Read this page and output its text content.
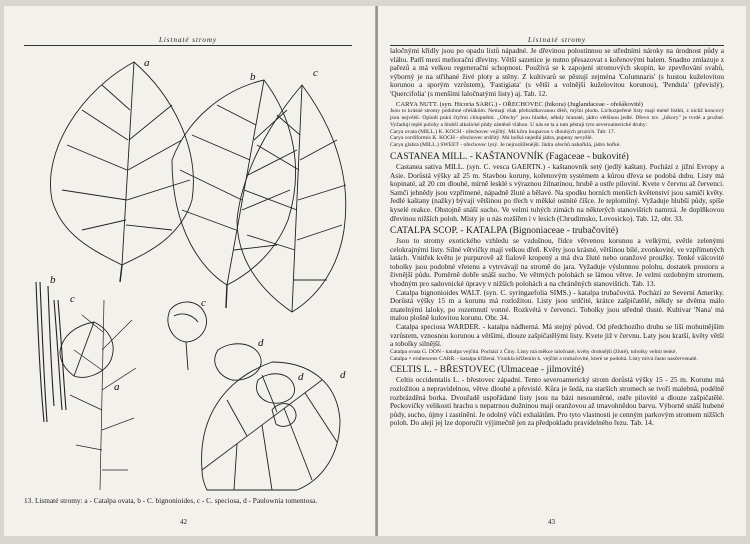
Listnaté stromy
a
b	c
b
c	c
d
d	d
a
13. Listnaté stromy: a - Catalpa ovata, b - C. bignonioides, c - C. speciosa, d - Paulownia tomentosa.
42
Listnaté stromy

laločnými křídly jsou po opadu listů nápadné. Je dřevinou polostinnou se středními nároky na úrodnost půdy a vláhu. Patří mezi meliorační dřeviny. Větší sazenice je nutno přesazovat s kořenovými balem. Snadno zmlazuje z pařezů a má velkou regenerační schopnost. Používá se k zapojení stromových skupin, ke zpevňování svahů, výborný je na stříhané živé ploty a stěny. Z kultivarů se pěstují zejména 'Columnaris' (s hustou kuželovitou korunou a sporým vzrůstem), 'Fastigiata' (s větší a volnější kuželovitou korunou), 'Pendula' (převislý), 'Quercifolia' (s menšími laločnatými listy) aj. Tab. 12.

CARYA NUTT. (syn. Hicoria SARG.) - OŘECHOVEC (hikora) (Juglandaceae - ořešákovité)

Jsou to krásné stromy podobné ořešákům. Nemají však přehrádkovanou dřeň, mýtní plodu. Lichozpeřené listy mají méně lístků, z nichž koncový jsou největší. Oplodí pukú čtyřmi chlopněmi. „Ořechy" jsou hladké, někdy hranaté, jádro většinou jedlé. Dřevo tzv. „hikory" je tvrdé a pružné. Vyžadují teplé polohy a hlubší alkalické půdy záměně vláhou. U nás se ta a tam pěstují tyto severoamerické druhy:

Carya ovata (MILL.) K. KOCH - ořechovec vejčitý. Má kůru loupavou v dlouhých pruzích. Tab: 17.

Carya cordiformis K. KOCH - ořechovec srdčitý. Má hořká nejedlá jádra, pupeny nevyšlé.

Carya glabra (MILL.) SWEET - ořechovec lysý. Je nejrozšířenější. Jádra ořechů nahořklá, jádro hořké.

CASTANEA MILL. - KAŠTANOVNÍK (Fagaceae - bukovité)

Castanea sativa MILL. (syn. C. vesca GAERTN.) - kaštanovník setý (jedlý kaštan). Pochází z jižní Evropy a Asie. Dorůstá výšky až 25 m. Stavbou koruny, kořenovým systémem a kůrou dřeva se podobá dubu. Listy má kopinaté, až 20 cm dlouhé, mírně lesklé s výraznou žilnatinou, hrubě a ostře pilovité. Kvete v červnu až červenci. Samčí jehnědy jsou vzpřímené, nápadně žluté a bělavé. Na spodku horních menších květenství jsou samičí květy. Jedlé kaštany (nažky) bývají většinou po třech v měkké ostnité číšce. Je teplomilný. Vyžaduje hlubší půdy, spíše kyselé reakce. Obstojně snáší sucho. Ve velmi tuhých zimách na některých stanovištích namrzá. Je doplňkovou dřevinou nižších poloh. Místy je u nás rozšířen i v lesích (Chrudimsko, Lovosicko). Tab. 12, obr. 33.

CATALPA SCOP. - KATALPA (Bignoniaceae - trubačovité)

Jsou to stromy exotického vzhledu se vzdušnou, řídce větvenou korunou a velkými, světle zelenými celokrajnými listy. Silné větvičky mají velkou dřeň. Květy jsou krásné, většinou bílé, zvonkovité, ve vzpřímených latách. Vnitřek květu je purpurově až fialově kropený a má dva žluté nebo oranžové proužky. Tenké válcovité tobolky jsou podobné vřetenu a vytrvávají na stromě do jara. Vyžaduje výslunnou polohu, dostatek prostoru a živnější půdu. Poměrně dobře snáší sucho. Ve větrných polohách se lámou větve. Je velmi ozdobným stromem, vhodným pro sadovnické úpravy v nižších polohách a na chráněných stanovištích. Tab. 13.

Catalpa bignonioides WALT. (syn. C. syringaefolia SIMS.) - katalpa trubačovitá. Pochází ze Severní Ameriky. Dorůstá výšky 15 m a korunu má rozložitou. Listy jsou srdčité, krátce zašpičatělé, někdy se dvěma málo znatelnými laloky, po rozemnutí vonné. Rozkvétá v červenci. Tobolky jsou středně tlusté. Kultivar 'Nana' má malou plošně kulovitou korunu. Obr. 34.

Catalpa speciosa WARDER. - katalpa nádherná. Má stejný původ. Od předchozího druhu se liší mohutnějším vzrůstem, vznosnou korunou a většími, dlouze zašpičatělými listy. Kvete již v červnu. Laty jsou kratší, květy větší a tobolky silnější.

Catalpa ovata G. DON - katalpa vejčitá. Pochází z Číny. Listy má měkce laločnaté, květy drobnější (žluté), tobolky velmi tenké.

Catalpa × erubescens CARR. - katalpa křížená. Vznikla křížením k. vejčité a trubačovité, které se podobá. Listy mívá často nasčervenalé.

CELTIS L. - BŘESTOVEC (Ulmaceae - jilmovité)

Celtis occidentalis L. - břestovec západní. Tento severoamerický strom dorůstá výšky 15 - 25 m. Korunu má rozložitou a nepravidelnou, větve dlouhé a převislé. Kůra je šedá, na starších stromech se tvoří malebná, podélně rozbrázděná borka. Dvouřadě uspořádané listy jsou na bázi nesouměrné, ostře pilovité a dlouze zašpičatělé. Peckovičky velikosti hrachu s nepatrnou dužninou mají oranžovou až tmavohnědou barvu. Výborně snáší hubené půdy, sucho, újmy i zastínění. Je odolný vůči exhalátům. Pro tyto vlastnosti je cenným parkovým stromem nižších poloh. Do alejí jej lze doporučit výjimečně jen za předpokladu pravidelného řezu. Tab. 14.

43
